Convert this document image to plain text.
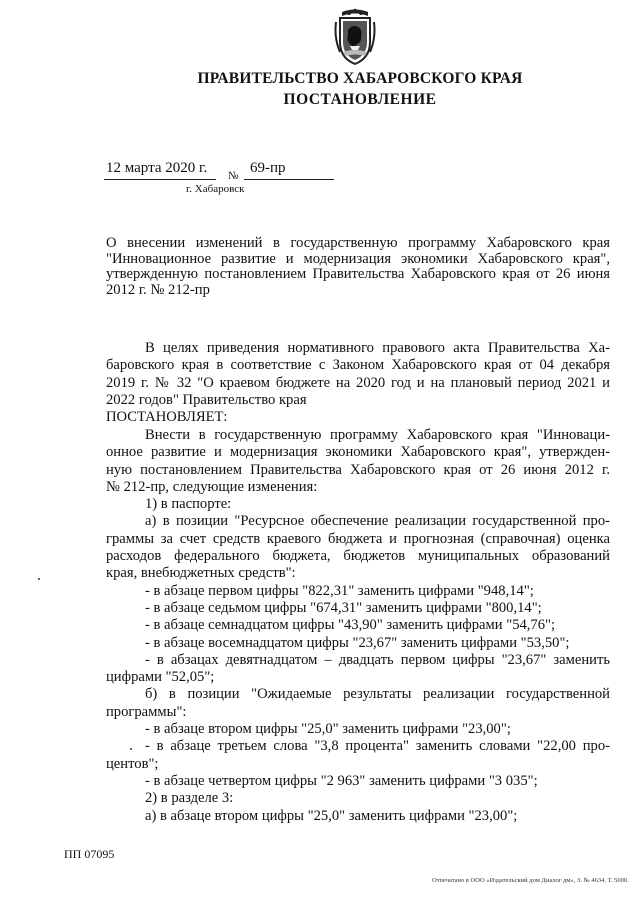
ПРАВИТЕЛЬСТВО ХАБАРОВСКОГО КРАЯ
ПОСТАНОВЛЕНИЕ
12 марта 2020 г. № 69-пр
г. Хабаровск

О внесении изменений в государственную программу Хабаровского края

"Инновационное развитие и модернизация экономики Хабаровского края",

утвержденную постановлением Правительства Хабаровского края от 26 июня

2012 г. № 212-пр

В целях приведения нормативного правового акта Правительства Ха-

баровского края в соответствие с Законом Хабаровского края от 04 декабря

2019 г. № 32 "О краевом бюджете на 2020 год и на плановый период 2021 и

2022 годов" Правительство края

ПОСТАНОВЛЯЕТ:

Внести в государственную программу Хабаровского края "Инноваци-

онное развитие и модернизация экономики Хабаровского края", утвержден-

ную постановлением Правительства Хабаровского края от 26 июня 2012 г.

№ 212-пр, следующие изменения:

1) в паспорте:

а) в позиции "Ресурсное обеспечение реализации государственной про-

граммы за счет средств краевого бюджета и прогнозная (справочная) оценка

расходов федерального бюджета, бюджетов муниципальных образований

края, внебюджетных средств":

- в абзаце первом цифры "822,31" заменить цифрами "948,14";

- в абзаце седьмом цифры "674,31" заменить цифрами "800,14";

- в абзаце семнадцатом цифры "43,90" заменить цифрами "54,76";

- в абзаце восемнадцатом цифры "23,67" заменить цифрами "53,50";

- в абзацах девятнадцатом – двадцать первом цифры "23,67" заменить

цифрами "52,05";

б) в позиции "Ожидаемые результаты реализации государственной

программы":

- в абзаце втором цифры "25,0" заменить цифрами "23,00";

- в абзаце третьем слова "3,8 процента" заменить словами "22,00 про-

центов";

- в абзаце четвертом цифры "2 963" заменить цифрами "3 035";

2) в разделе 3:

а) в абзаце втором цифры "25,0" заменить цифрами "23,00";

ПП 07095
Отпечатано в ООО «Издательский дом Диалог дм», З. № 4634. Т. 5000.
